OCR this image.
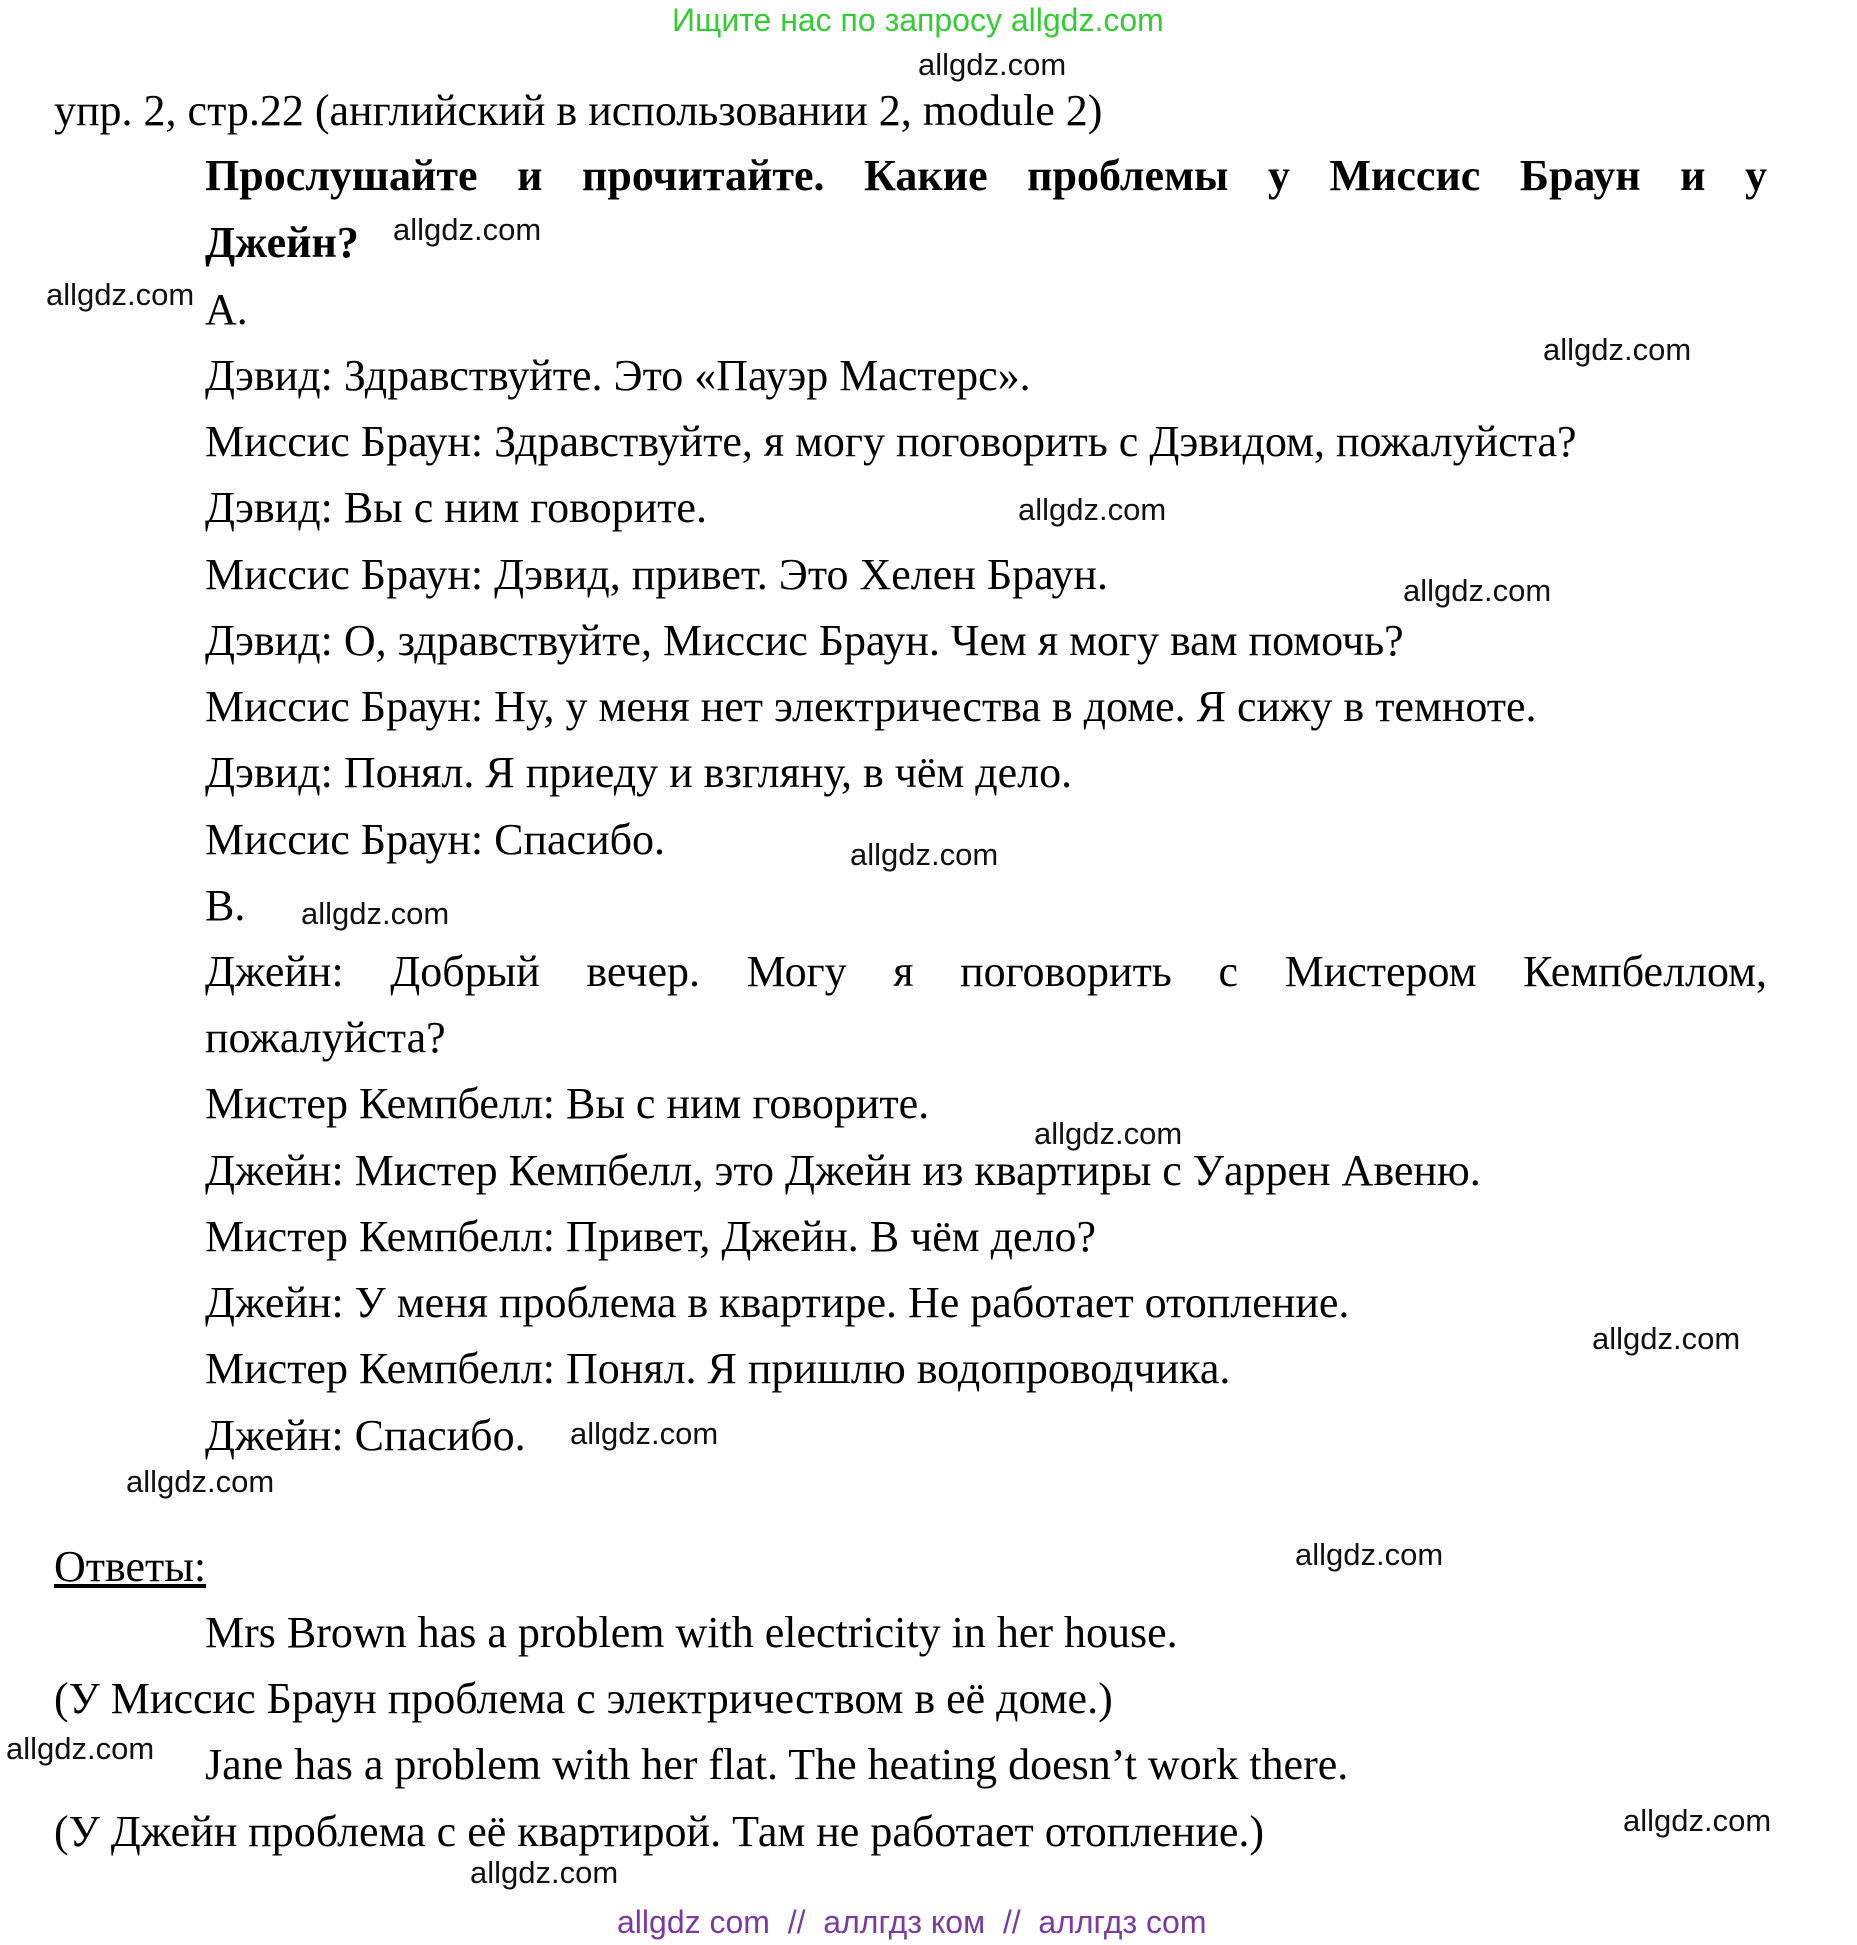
Ищите нас по запросу allgdz.com
allgdz.com
упр. 2, стр.22 (английский в использовании 2, module 2)
Прослушайте и прочитайте. Какие проблемы у Миссис Браун и у
Джейн? allgdz.com
allgdz.com A.
allgdz.com
Дэвид: Здравствуйте. Это «Пауэр Мастерс».
Миссис Браун: Здравствуйте, я могу поговорить с Дэвидом, пожалуйста?
Дэвид: Вы с ним говорите.	allgdz.com
Миссис Браун: Дэвид, привет. Это Хелен Браун.	allgdz.com
Дэвид: О, здравствуйте, Миссис Браун. Чем я могу вам помочь?
Миссис Браун: Ну, у меня нет электричества в доме. Я сижу в темноте.
Дэвид: Понял. Я приеду и взгляну, в чём дело.
Миссис Браун: Спасибо.	allgdz.com
B. allgdz.com
Джейн: Добрый вечер. Могу я поговорить с Мистером Кемпбеллом,
пожалуйста?
Мистер Кемпбелл: Вы с ним говорите.
allgdz.com
Джейн: Мистер Кемпбелл, это Джейн из квартиры с Уаррен Авеню.
Мистер Кемпбелл: Привет, Джейн. В чём дело?
Джейн: У меня проблема в квартире. Не работает отопление.
allgdz.com
Мистер Кемпбелл: Понял. Я пришлю водопроводчика.
Джейн: Спасибо. allgdz.com
allgdz.com
Ответы:	allgdz.com
Mrs Brown has a problem with electricity in her house.
(У Миссис Браун проблема с электричеством в её доме.)
allgdz.com Jane has a problem with her flat. The heating doesn’t work there.
allgdz.com
(У Джейн проблема с её квартирой. Там не работает отопление.)
allgdz.com
allgdz com  //  аллгдз ком  //  аллгдз com
